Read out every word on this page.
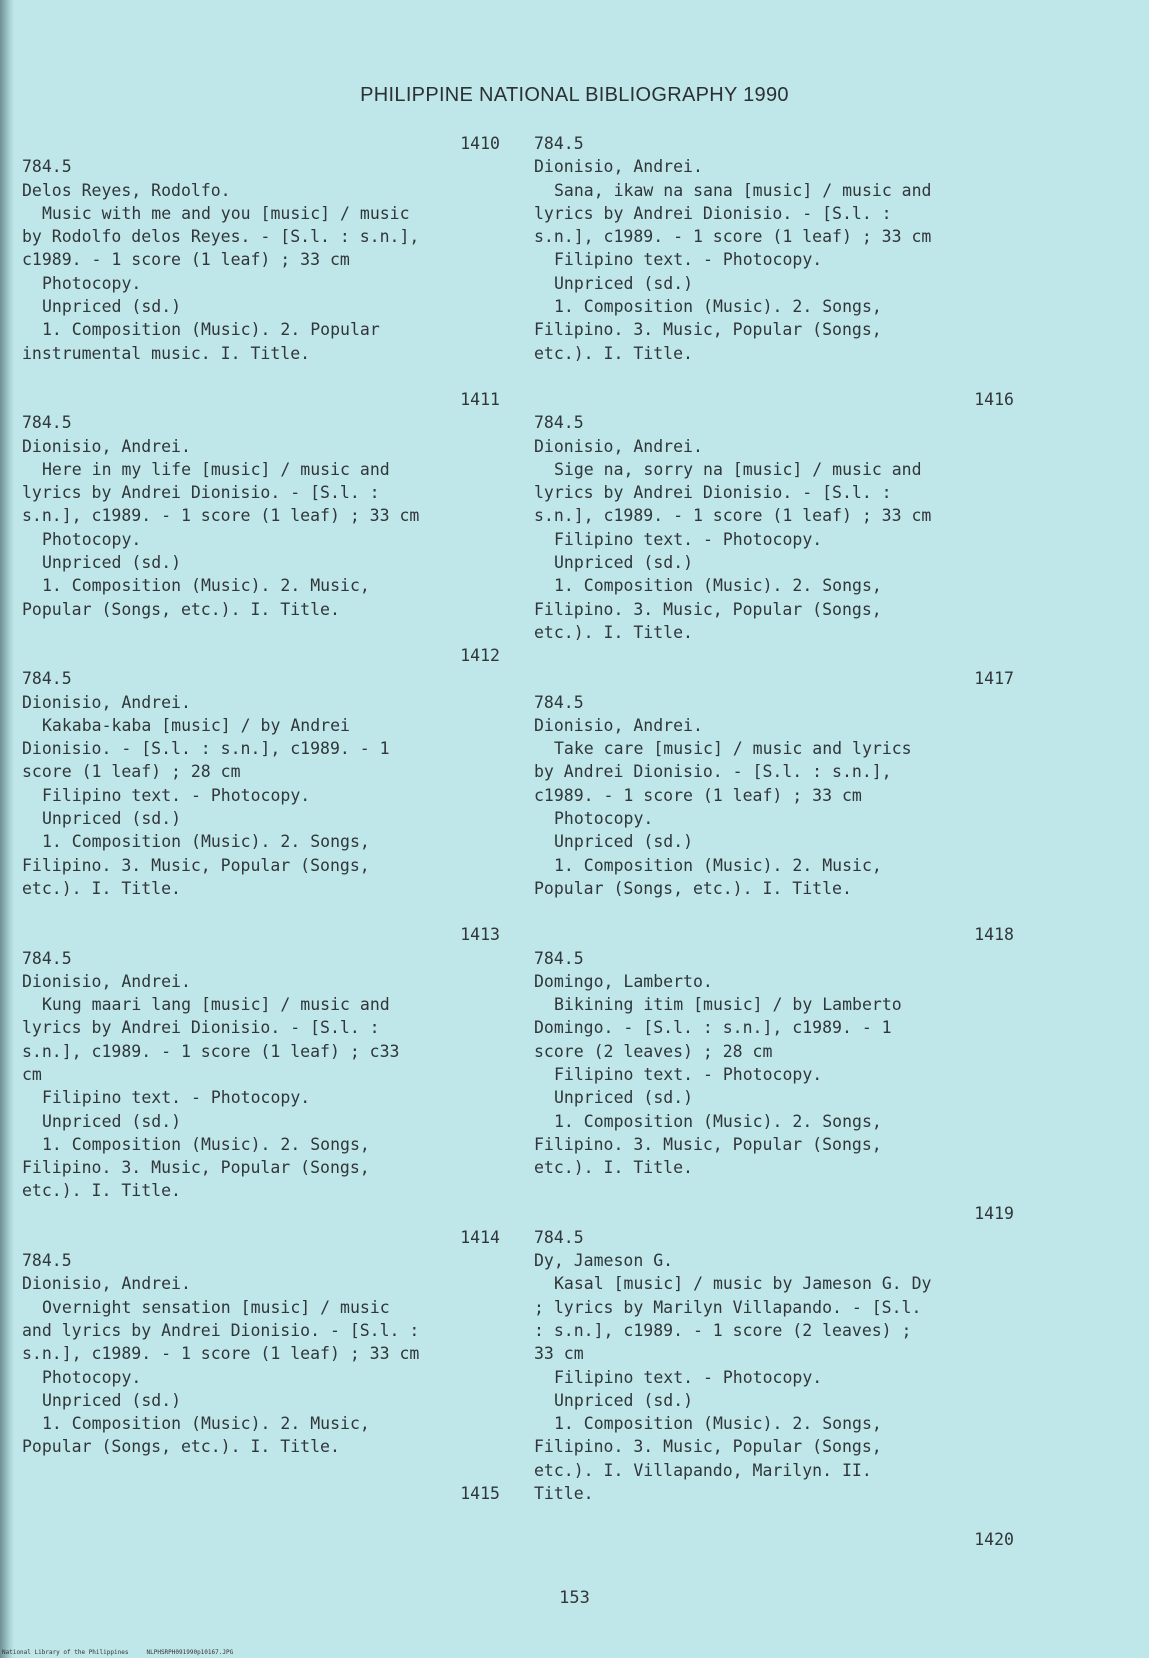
PHILIPPINE NATIONAL BIBLIOGRAPHY 1990
1410
784.5
Delos Reyes, Rodolfo.
Music with me and you [music] / music
by Rodolfo delos Reyes. - [S.l. : s.n.],
c1989. - 1 score (1 leaf) ; 33 cm
Photocopy.
Unpriced (sd.)
1. Composition (Music). 2. Popular
instrumental music. I. Title.
1411
784.5
Dionisio, Andrei.
Here in my life [music] / music and
lyrics by Andrei Dionisio. - [S.l. :
s.n.], c1989. - 1 score (1 leaf) ; 33 cm
Photocopy.
Unpriced (sd.)
1. Composition (Music). 2. Music,
Popular (Songs, etc.). I. Title.
1412
784.5
Dionisio, Andrei.
Kakaba-kaba [music] / by Andrei
Dionisio. - [S.l. : s.n.], c1989. - 1
score (1 leaf) ; 28 cm
Filipino text. - Photocopy.
Unpriced (sd.)
1. Composition (Music). 2. Songs,
Filipino. 3. Music, Popular (Songs,
etc.). I. Title.
1413
784.5
Dionisio, Andrei.
Kung maari lang [music] / music and
lyrics by Andrei Dionisio. - [S.l. :
s.n.], c1989. - 1 score (1 leaf) ; c33
cm
Filipino text. - Photocopy.
Unpriced (sd.)
1. Composition (Music). 2. Songs,
Filipino. 3. Music, Popular (Songs,
etc.). I. Title.
1414
784.5
Dionisio, Andrei.
Overnight sensation [music] / music
and lyrics by Andrei Dionisio. - [S.l. :
s.n.], c1989. - 1 score (1 leaf) ; 33 cm
Photocopy.
Unpriced (sd.)
1. Composition (Music). 2. Music,
Popular (Songs, etc.). I. Title.
1415
784.5
Dionisio, Andrei.
Sana, ikaw na sana [music] / music and
lyrics by Andrei Dionisio. - [S.l. :
s.n.], c1989. - 1 score (1 leaf) ; 33 cm
Filipino text. - Photocopy.
Unpriced (sd.)
1. Composition (Music). 2. Songs,
Filipino. 3. Music, Popular (Songs,
etc.). I. Title.
1416
784.5
Dionisio, Andrei.
Sige na, sorry na [music] / music and
lyrics by Andrei Dionisio. - [S.l. :
s.n.], c1989. - 1 score (1 leaf) ; 33 cm
Filipino text. - Photocopy.
Unpriced (sd.)
1. Composition (Music). 2. Songs,
Filipino. 3. Music, Popular (Songs,
etc.). I. Title.
1417
784.5
Dionisio, Andrei.
Take care [music] / music and lyrics
by Andrei Dionisio. - [S.l. : s.n.],
c1989. - 1 score (1 leaf) ; 33 cm
Photocopy.
Unpriced (sd.)
1. Composition (Music). 2. Music,
Popular (Songs, etc.). I. Title.
1418
784.5
Domingo, Lamberto.
Bikining itim [music] / by Lamberto
Domingo. - [S.l. : s.n.], c1989. - 1
score (2 leaves) ; 28 cm
Filipino text. - Photocopy.
Unpriced (sd.)
1. Composition (Music). 2. Songs,
Filipino. 3. Music, Popular (Songs,
etc.). I. Title.
1419
784.5
Dy, Jameson G.
Kasal [music] / music by Jameson G. Dy
; lyrics by Marilyn Villapando. - [S.l.
: s.n.], c1989. - 1 score (2 leaves) ;
33 cm
Filipino text. - Photocopy.
Unpriced (sd.)
1. Composition (Music). 2. Songs,
Filipino. 3. Music, Popular (Songs,
etc.). I. Villapando, Marilyn. II.
Title.
1420
153
National Library of the Philippines     NLPHSRPH091990p10167.JPG
